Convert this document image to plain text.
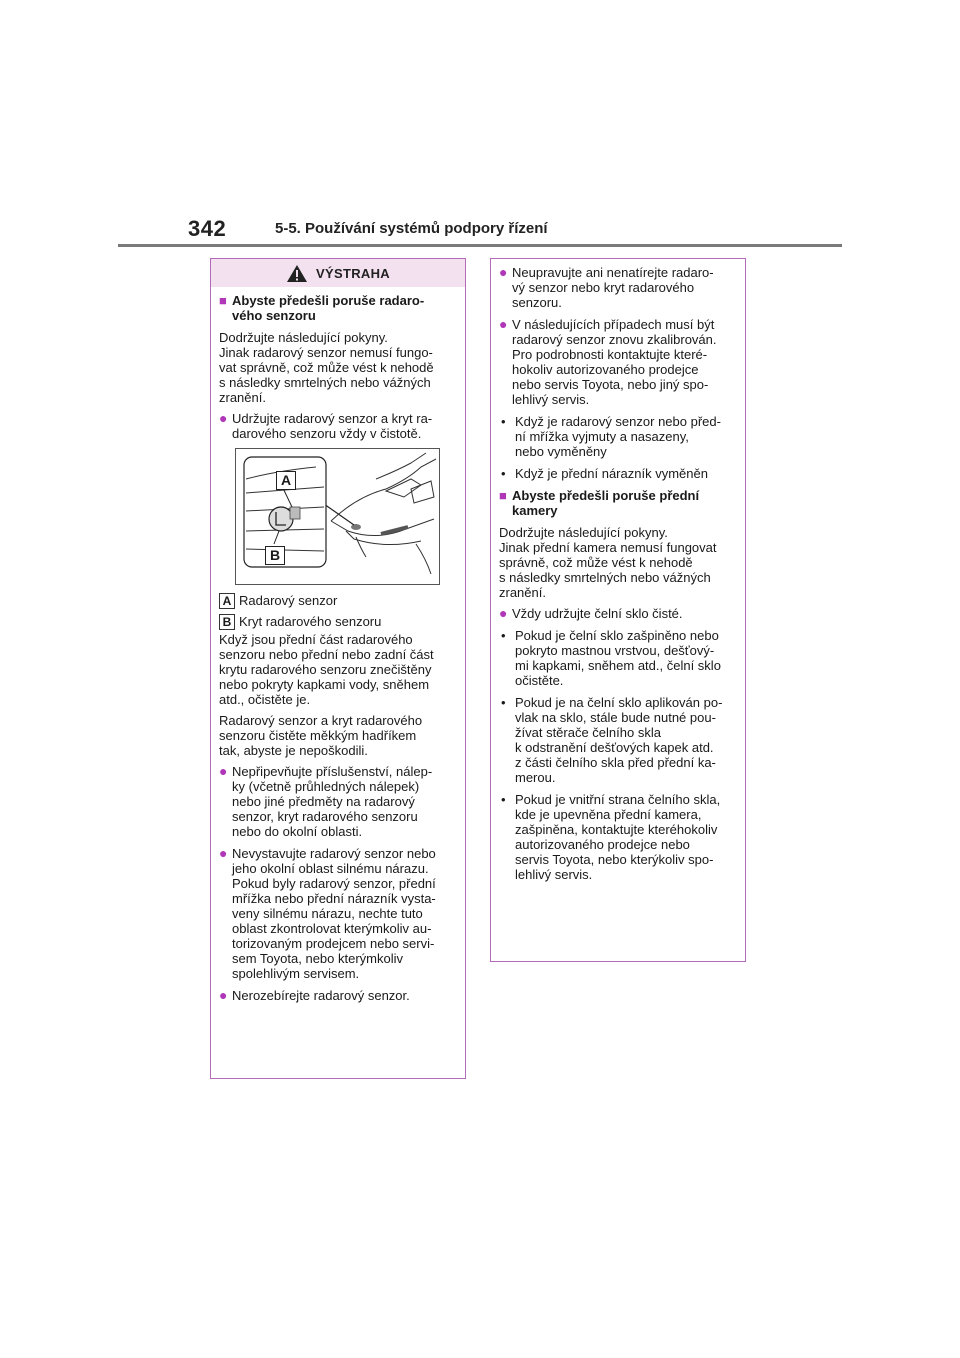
342	5-5. Používání systémů podpory řízení
VÝSTRAHA
■ Abyste předešli poruše radaro-
vého senzoru
Dodržujte následující pokyny.
Jinak radarový senzor nemusí fungo-
vat správně, což může vést k nehodě
s následky smrtelných nebo vážných
zranění.
● Udržujte radarový senzor a kryt ra-
darového senzoru vždy v čistotě.
A
B
A Radarový senzor
B Kryt radarového senzoru
Když jsou přední část radarového
senzoru nebo přední nebo zadní část
krytu radarového senzoru znečištěny
nebo pokryty kapkami vody, sněhem
atd., očistěte je.
Radarový senzor a kryt radarového
senzoru čistěte měkkým hadříkem
tak, abyste je nepoškodili.
● Nepřipevňujte příslušenství, nálep-
ky (včetně průhledných nálepek)
nebo jiné předměty na radarový
senzor, kryt radarového senzoru
nebo do okolní oblasti.
● Nevystavujte radarový senzor nebo
jeho okolní oblast silnému nárazu.
Pokud byly radarový senzor, přední
mřížka nebo přední nárazník vysta-
veny silnému nárazu, nechte tuto
oblast zkontrolovat kterýmkoliv au-
torizovaným prodejcem nebo servi-
sem Toyota, nebo kterýmkoliv
spolehlivým servisem.
● Nerozebírejte radarový senzor.
● Neupravujte ani nenatírejte radaro-
vý senzor nebo kryt radarového
senzoru.
● V následujících případech musí být
radarový senzor znovu zkalibrován.
Pro podrobnosti kontaktujte které-
hokoliv autorizovaného prodejce
nebo servis Toyota, nebo jiný spo-
lehlivý servis.
• Když je radarový senzor nebo před-
ní mřížka vyjmuty a nasazeny,
nebo vyměněny
• Když je přední nárazník vyměněn
■ Abyste předešli poruše přední
kamery
Dodržujte následující pokyny.
Jinak přední kamera nemusí fungovat
správně, což může vést k nehodě
s následky smrtelných nebo vážných
zranění.
● Vždy udržujte čelní sklo čisté.
• Pokud je čelní sklo zašpiněno nebo
pokryto mastnou vrstvou, dešťový-
mi kapkami, sněhem atd., čelní sklo
očistěte.
• Pokud je na čelní sklo aplikován po-
vlak na sklo, stále bude nutné pou-
žívat stěrače čelního skla
k odstranění dešťových kapek atd.
z části čelního skla před přední ka-
merou.
• Pokud je vnitřní strana čelního skla,
kde je upevněna přední kamera,
zašpiněna, kontaktujte kteréhokoliv
autorizovaného prodejce nebo
servis Toyota, nebo kterýkoliv spo-
lehlivý servis.
